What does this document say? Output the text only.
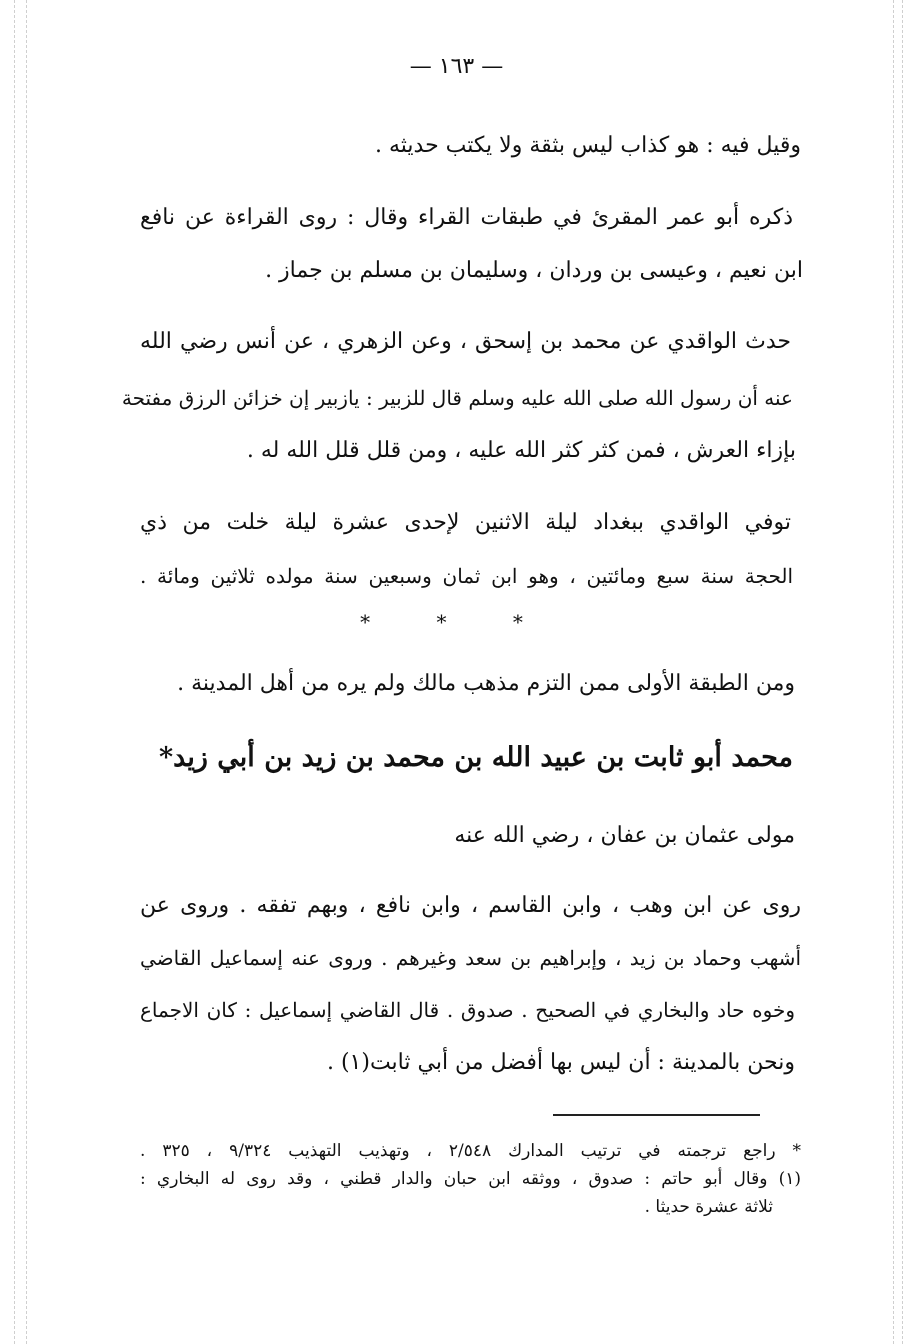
— ١٦٣ —
وقيل فيه : هو كذاب ليس بثقة ولا يكتب حديثه .
ذكره أبو عمر المقرئ في طبقات القراء وقال : روى القراءة عن نافع
ابن نعيم ، وعيسى بن وردان ، وسليمان بن مسلم بن جماز .
حدث الواقدي عن محمد بن إسحق ، وعن الزهري ، عن أنس رضي الله
عنه أن رسول الله صلى الله عليه وسلم قال للزبير : يازبير إن خزائن الرزق مفتحة
بإزاء العرش ، فمن كثر كثر الله عليه ، ومن قلل قلل الله له .
توفي الواقدي ببغداد ليلة الاثنين لإحدى عشرة ليلة خلت من ذي
الحجة سنة سبع ومائتين ، وهو ابن ثمان وسبعين سنة مولده ثلاثين ومائة .
* * *
ومن الطبقة الأولى ممن التزم مذهب مالك ولم يره من أهل المدينة .
محمد أبو ثابت بن عبيد الله بن محمد بن زيد بن أبي زيد*
مولى عثمان بن عفان ، رضي الله عنه
روى عن ابن وهب ، وابن القاسم ، وابن نافع ، وبهم تفقه . وروى عن
أشهب وحماد بن زيد ، وإبراهيم بن سعد وغيرهم . وروى عنه إسماعيل القاضي
وخوه حاد والبخاري في الصحيح . صدوق . قال القاضي إسماعيل : كان الاجماع
ونحن بالمدينة : أن ليس بها أفضل من أبي ثابت(١) .
* راجع ترجمته في ترتيب المدارك ٢/٥٤٨ ، وتهذيب التهذيب ٩/٣٢٤ ، ٣٢٥ .
(١) وقال أبو حاتم : صدوق ، ووثقه ابن حبان والدار قطني ، وقد روى له البخاري :
ثلاثة عشرة حديثا .
